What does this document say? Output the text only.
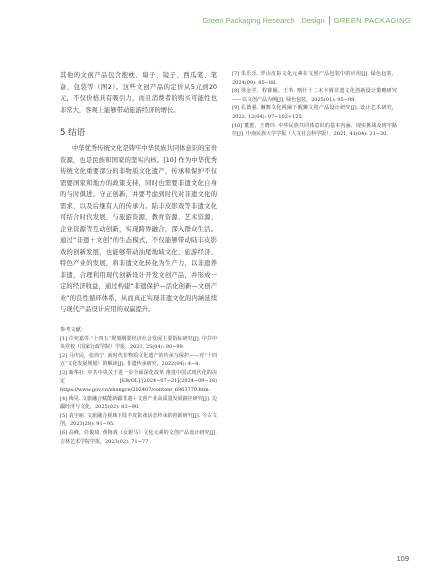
Green Packaging Research · Design GREEN PACKAGING

其他的文创产品包含抱枕、扇子、镜子、西瓜笔、笔盒、包袋等（图2）。这些文创产品的定价从5元到20元，不仅价格具有吸引力，而且消费者的购买可能性也非常大，客观上能够带动旅游经济的增长。

5 结语

中华优秀传统文化是铸牢中华民族共同体意识的宝贵资源，也是民族和国家的坚实内核。[10] 作为中华优秀传统文化重要部分的非物质文化遗产，传承和保护不仅需要国家和地方的政策支持，同时也需要非遗文化自身的与时俱进。守正创新，并要考虑到时代对非遗文化的需求，以及后继有人的传承力。陆丰皮影戏等非遗文化可结合时代发展，与旅游资源、教育资源、艺术资源、企业资源等互动创新，实现跨界融合，深入群众生活。通过“非遗＋文创”的生态模式，不仅能够带动陆丰皮影戏的创新发展，也能够带动汕尾地域文化、旅游经济、特色产业的发展，将非遗文化转化为生产力，以非遗养非遗，合理利用现代创新设计开发文创产品，并形成一定的经济收益，通过构建“非遗保护—活化创新—文创产业”的良性循环体系，从而真正实现非遗文化的内涵延续与现代产品设计应用的双赢提升。

参考文献：

[1] 许奕嘉等.“十四五”规划纲要经济社会发展主要指标研究[J]. 中共中央党校（国家行政学院）学报，2021, 25(04): 90−99.

[2] 马庆民，张尚宁. 新时代非物质文化遗产的传承与保护——对“十四五”文化发展规划）的解读[J]. 非遗传承研究，2022(04): 4−8.

[3] 新华社. 中共中央关于进一步全面深化改革 推进中国式现代化的决定[EB/OL].[2024−07−21](2024−09−18) https://www.gov.cn/zhengce/202407/content_6963770.htm.

[4] 梅昊. 文旅融合赋能新疆非遗＋文创产业高质量发展路径研究[J]. 边疆经济与文化，2025(02): 83−90.

[5] 袁宇丽. 文旅融合视域下陆丰皮影戏活态传承的创新研究[J]. 今古文创，2023(28): 91−95.

[6] 高峰，任俊琦. 黄梅戏《女驸马》文化元素的文创产品设计研究[J]. 吉林艺术学院学报，2023(02): 71−77.

[7] 朱乐乐. 罗山皮影文化元素在文创产品包装中的应用[J]. 绿色包装，2024(09): 85−88.

[8] 徐金学，程睿颖，王苇. 喀什十二木卡姆非遗文化创新设计策略研究——以文创产品为例[J]. 绿色包装，2025(01): 95−99.

[9] 孔德强. 狮舞文化视阈下醒狮文创产品设计研究[J]. 设计艺术研究，2022, 12(04): 97−102+125.

[10] 董蕙，王晓玲. 中华民族共同体意识的基本内涵、现实挑战及铸牢路径[J]. 中南民族大学学报（人文社会科学版），2021, 41(04): 21−30.

109
